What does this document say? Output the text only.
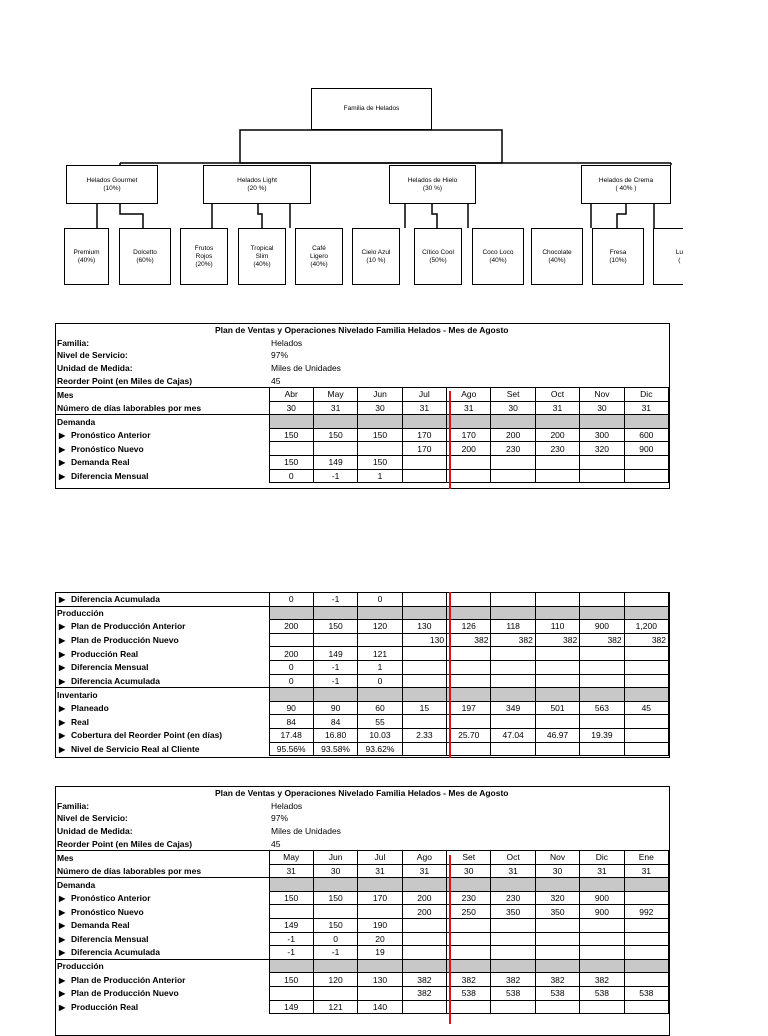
Familia de Helados
Helados Gourmet
(10%)
Helados Light
(20 %)
Helados de Hielo
(30 %)
Helados de Crema
( 40% )
Premium
(40%)
Dolcetto
(60%)
Frutos
Rojos
(20%)
Tropical
Slim
(40%)
Café
Ligero
(40%)
Cielo Azul
(10 %)
Cítico Cool
(50%)
Coco Loco
(40%)
Chocolate
(40%)
Fresa
(10%)
Lu
(
Plan de Ventas y Operaciones Nivelado Familia Helados - Mes de Agosto									
Familia:	Helados								
Nivel de Servicio:	97%								
Unidad de Medida:	Miles de Unidades								
Reorder Point (en Miles de Cajas)	45								
Mes	Abr	May	Jun	Jul	Ago	Set	Oct	Nov	Dic
Número de días laborables por mes	30	31	30	31	31	30	31	30	31
Demanda									
▶ Pronóstico Anterior	150	150	150	170	170	200	200	300	600
▶ Pronóstico Nuevo				170	200	230	230	320	900
▶ Demanda Real	150	149	150						
▶ Diferencia Mensual	0	-1	1						
▶ Diferencia Acumulada	0	-1	0						
Producción									
▶ Plan de Producción Anterior	200	150	120	130	126	118	110	900	1,200
▶ Plan de Producción Nuevo				130	382	382	382	382	382
▶ Producción Real	200	149	121						
▶ Diferencia Mensual	0	-1	1						
▶ Diferencia Acumulada	0	-1	0						
Inventario									
▶ Planeado	90	90	60	15	197	349	501	563	45
▶ Real	84	84	55						
▶ Cobertura del Reorder Point (en días)	17.48	16.80	10.03	2.33	25.70	47.04	46.97	19.39	
▶ Nivel de Servicio Real al Cliente	95.56%	93.58%	93.62%						
Plan de Ventas y Operaciones Nivelado Familia Helados - Mes de Agosto									
Familia:	Helados								
Nivel de Servicio:	97%								
Unidad de Medida:	Miles de Unidades								
Reorder Point (en Miles de Cajas)	45								
Mes	May	Jun	Jul	Ago	Set	Oct	Nov	Dic	Ene
Número de días laborables por mes	31	30	31	31	30	31	30	31	31
Demanda									
▶ Pronóstico Anterior	150	150	170	200	230	230	320	900	
▶ Pronóstico Nuevo				200	250	350	350	900	992
▶ Demanda Real	149	150	190						
▶ Diferencia Mensual	-1	0	20						
▶ Diferencia Acumulada	-1	-1	19						
Producción									
▶ Plan de Producción Anterior	150	120	130	382	382	382	382	382	
▶ Plan de Producción Nuevo				382	538	538	538	538	538
▶ Producción Real	149	121	140						
